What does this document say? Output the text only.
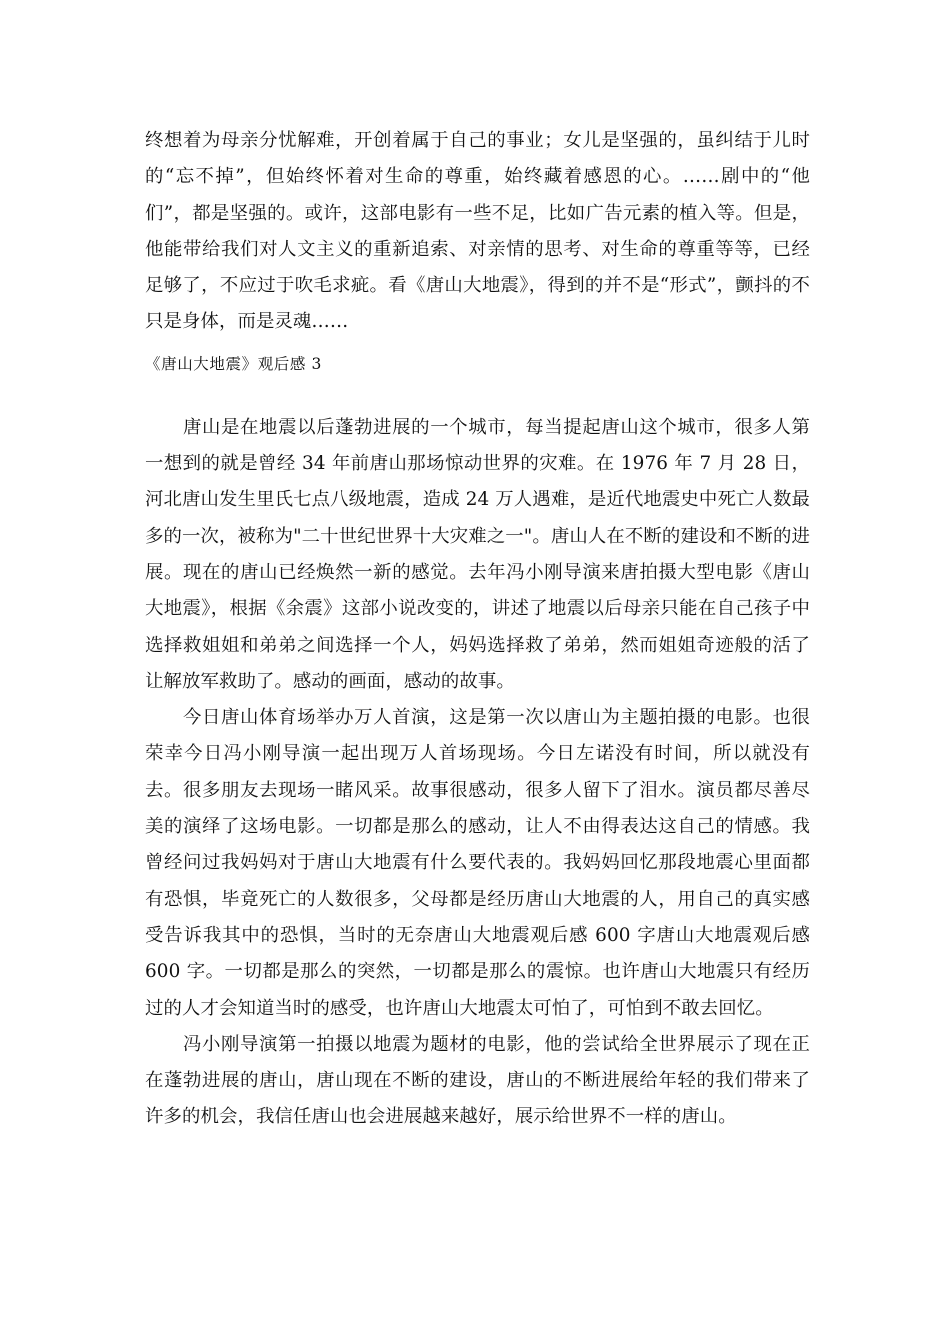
终想着为母亲分忧解难，开创着属于自己的事业；女儿是坚强的，虽纠结于儿时的“忘不掉”，但始终怀着对生命的尊重，始终藏着感恩的心。……剧中的“他们”，都是坚强的。或许，这部电影有一些不足，比如广告元素的植入等。但是，他能带给我们对人文主义的重新追索、对亲情的思考、对生命的尊重等等，已经足够了，不应过于吹毛求疵。看《唐山大地震》，得到的并不是“形式”，颤抖的不只是身体，而是灵魂……

《唐山大地震》观后感 3

唐山是在地震以后蓬勃进展的一个城市，每当提起唐山这个城市，很多人第一想到的就是曾经 34 年前唐山那场惊动世界的灾难。在 1976 年 7 月 28 日，河北唐山发生里氏七点八级地震，造成 24 万人遇难，是近代地震史中死亡人数最多的一次，被称为"二十世纪世界十大灾难之一"。唐山人在不断的建设和不断的进展。现在的唐山已经焕然一新的感觉。去年冯小刚导演来唐拍摄大型电影《唐山大地震》，根据《余震》这部小说改变的，讲述了地震以后母亲只能在自己孩子中选择救姐姐和弟弟之间选择一个人，妈妈选择救了弟弟，然而姐姐奇迹般的活了让解放军救助了。感动的画面，感动的故事。

今日唐山体育场举办万人首演，这是第一次以唐山为主题拍摄的电影。也很荣幸今日冯小刚导演一起出现万人首场现场。今日左诺没有时间，所以就没有去。很多朋友去现场一睹风采。故事很感动，很多人留下了泪水。演员都尽善尽美的演绎了这场电影。一切都是那么的感动，让人不由得表达这自己的情感。我曾经问过我妈妈对于唐山大地震有什么要代表的。我妈妈回忆那段地震心里面都有恐惧，毕竟死亡的人数很多，父母都是经历唐山大地震的人，用自己的真实感受告诉我其中的恐惧，当时的无奈唐山大地震观后感 600 字唐山大地震观后感 600 字。一切都是那么的突然，一切都是那么的震惊。也许唐山大地震只有经历过的人才会知道当时的感受，也许唐山大地震太可怕了，可怕到不敢去回忆。

冯小刚导演第一拍摄以地震为题材的电影，他的尝试给全世界展示了现在正在蓬勃进展的唐山，唐山现在不断的建设，唐山的不断进展给年轻的我们带来了许多的机会，我信任唐山也会进展越来越好，展示给世界不一样的唐山。
